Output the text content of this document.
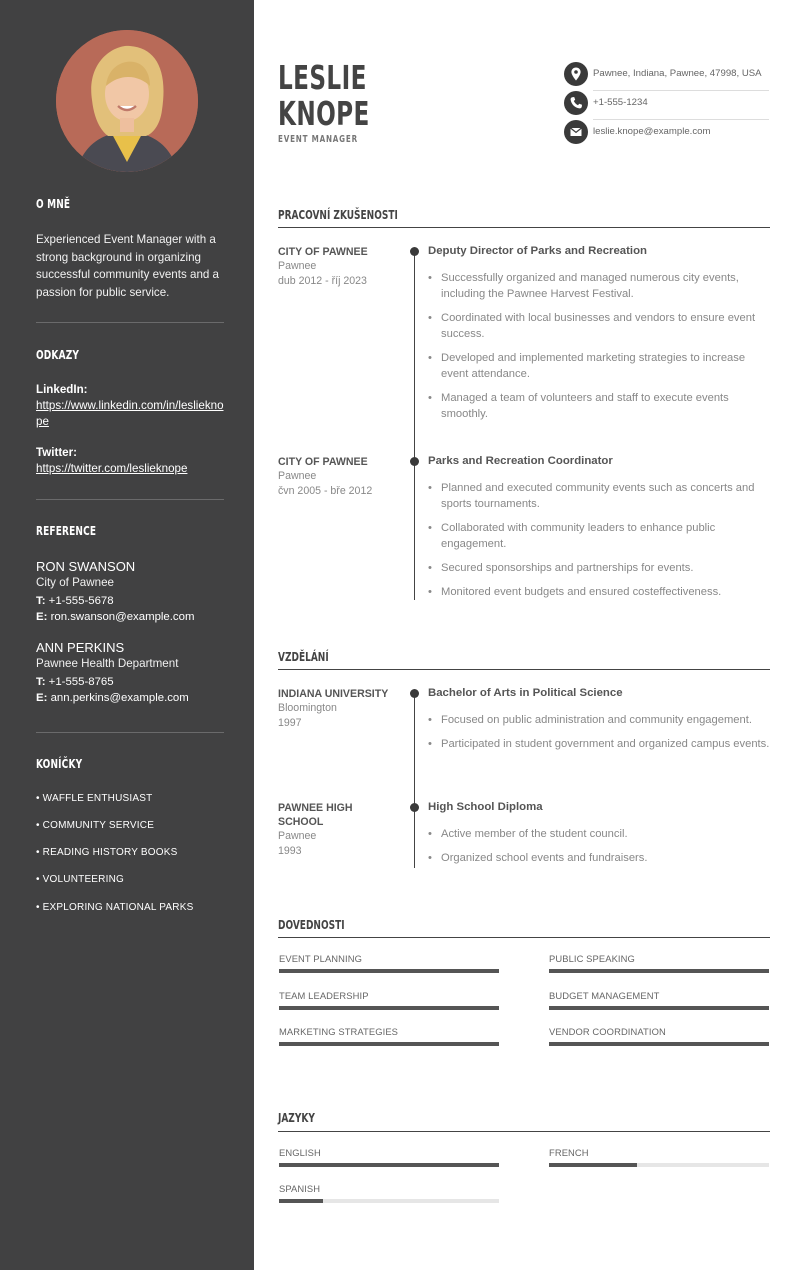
O MNĚ
Experienced Event Manager with a strong background in organizing successful community events and a passion for public service.
ODKAZY
LinkedIn:
https://www.linkedin.com/in/leslieknope
Twitter:
https://twitter.com/leslieknope
REFERENCE
RON SWANSON
City of Pawnee
T: +1-555-5678
E: ron.swanson@example.com
ANN PERKINS
Pawnee Health Department
T: +1-555-8765
E: ann.perkins@example.com
KONÍČKY
• WAFFLE ENTHUSIAST
• COMMUNITY SERVICE
• READING HISTORY BOOKS
• VOLUNTEERING
• EXPLORING NATIONAL PARKS
LESLIE
KNOPE
EVENT MANAGER
Pawnee, Indiana, Pawnee, 47998, USA
+1-555-1234
leslie.knope@example.com
PRACOVNÍ ZKUŠENOSTI
CITY OF PAWNEE
Pawnee
dub 2012 - říj 2023
Deputy Director of Parks and Recreation
• Successfully organized and managed numerous city events, including the Pawnee Harvest Festival.
• Coordinated with local businesses and vendors to ensure event success.
• Developed and implemented marketing strategies to increase event attendance.
• Managed a team of volunteers and staff to execute events smoothly.
CITY OF PAWNEE
Pawnee
čvn 2005 - bře 2012
Parks and Recreation Coordinator
• Planned and executed community events such as concerts and sports tournaments.
• Collaborated with community leaders to enhance public engagement.
• Secured sponsorships and partnerships for events.
• Monitored event budgets and ensured costeffectiveness.
VZDĚLÁNÍ
INDIANA UNIVERSITY
Bloomington
1997
Bachelor of Arts in Political Science
• Focused on public administration and community engagement.
• Participated in student government and organized campus events.
PAWNEE HIGH SCHOOL
Pawnee
1993
High School Diploma
• Active member of the student council.
• Organized school events and fundraisers.
DOVEDNOSTI
EVENT PLANNING	PUBLIC SPEAKING
TEAM LEADERSHIP	BUDGET MANAGEMENT
MARKETING STRATEGIES	VENDOR COORDINATION
JAZYKY
ENGLISH	FRENCH
SPANISH
